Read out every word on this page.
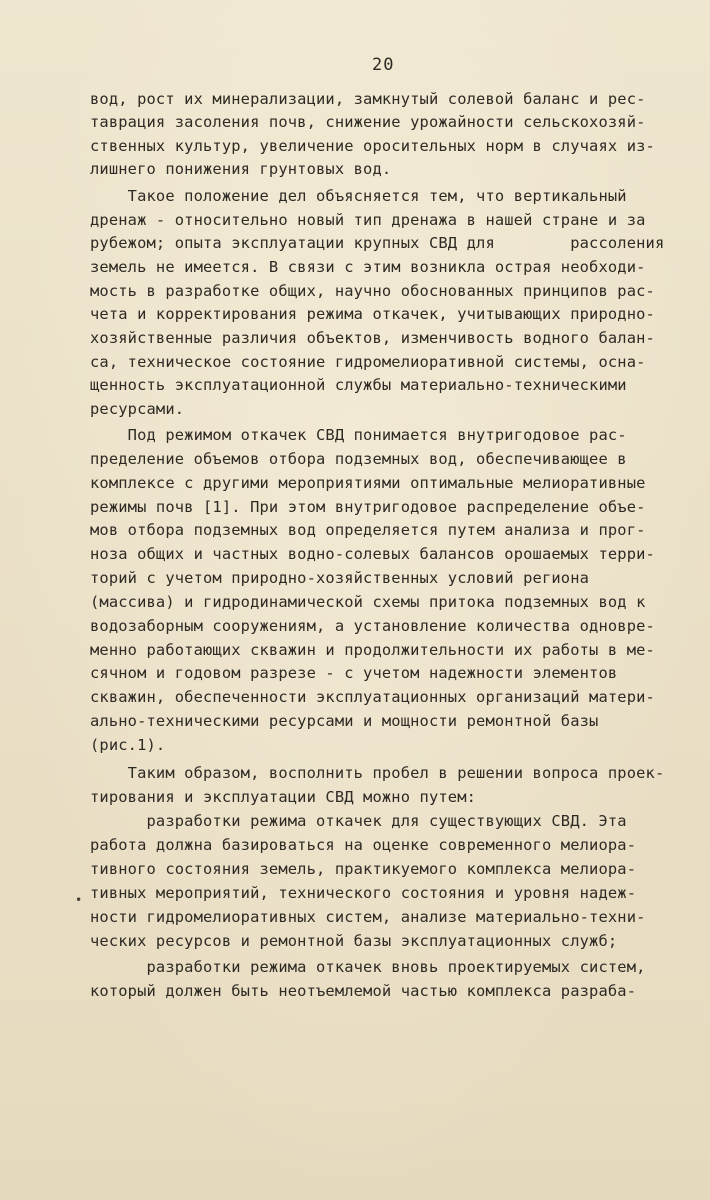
20
вод, рост их минерализации, замкнутый солевой баланс и рес-
таврация засоления почв, снижение урожайности сельскохозяй-
ственных культур, увеличение оросительных норм в случаях из-
лишнего понижения грунтовых вод.
Такое положение дел объясняется тем, что вертикальный
дренаж - относительно новый тип дренажа в нашей стране и за
рубежом; опыта эксплуатации крупных СВД для        рассоления
земель не имеется. В связи с этим возникла острая необходи-
мость в разработке общих, научно обоснованных принципов рас-
чета и корректирования режима откачек, учитывающих природно-
хозяйственные различия объектов, изменчивость водного балан-
са, техническое состояние гидромелиоративной системы, осна-
щенность эксплуатационной службы материально-техническими
ресурсами.
Под режимом откачек СВД понимается внутригодовое рас-
пределение объемов отбора подземных вод, обеспечивающее в
комплексе с другими мероприятиями оптимальные мелиоративные
режимы почв [1]. При этом внутригодовое распределение объе-
мов отбора подземных вод определяется путем анализа и прог-
ноза общих и частных водно-солевых балансов орошаемых терри-
торий с учетом природно-хозяйственных условий региона
(массива) и гидродинамической схемы притока подземных вод к
водозаборным сооружениям, а установление количества одновре-
менно работающих скважин и продолжительности их работы в ме-
сячном и годовом разрезе - с учетом надежности элементов
скважин, обеспеченности эксплуатационных организаций матери-
ально-техническими ресурсами и мощности ремонтной базы
(рис.1).
Таким образом, восполнить пробел в решении вопроса проек-
тирования и эксплуатации СВД можно путем:
разработки режима откачек для существующих СВД. Эта
работа должна базироваться на оценке современного мелиора-
тивного состояния земель, практикуемого комплекса мелиора-
тивных мероприятий, технического состояния и уровня надеж-
ности гидромелиоративных систем, анализе материально-техни-
ческих ресурсов и ремонтной базы эксплуатационных служб;
разработки режима откачек вновь проектируемых систем,
который должен быть неотъемлемой частью комплекса разраба-
•
